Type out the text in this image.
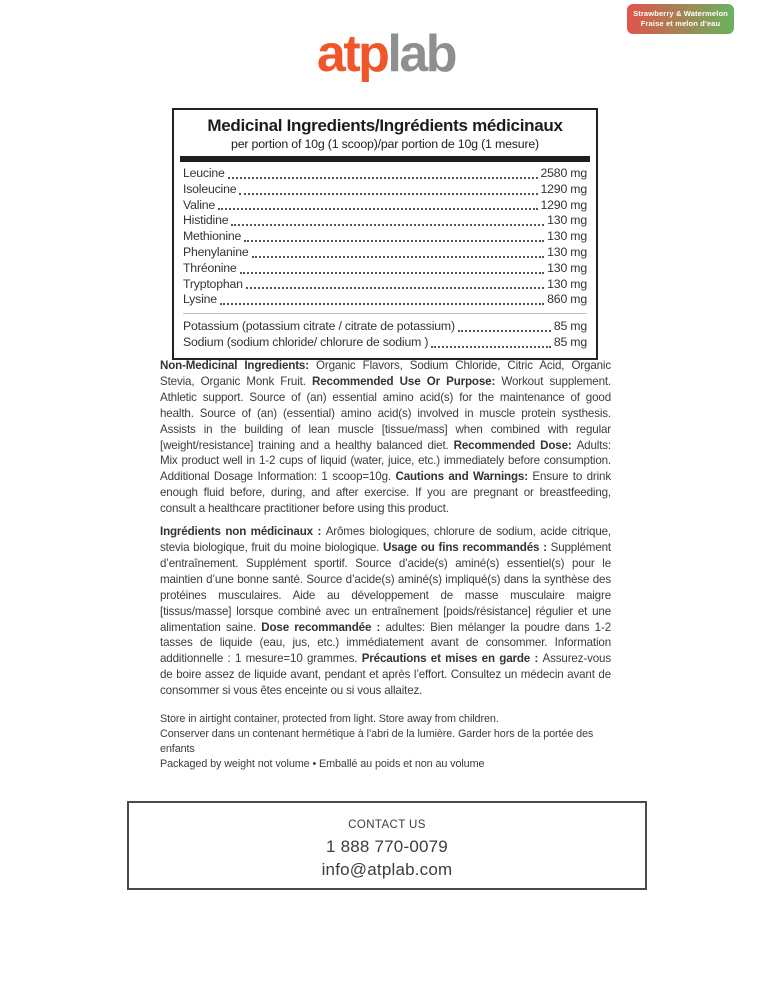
Strawberry & Watermelon
Fraise et melon d'eau
atplab
Medicinal Ingredients/Ingrédients médicinaux
per portion of 10g (1 scoop)/par portion de 10g (1 mesure)
Leucine	2580 mg
Isoleucine	1290 mg
Valine	1290 mg
Histidine	130 mg
Methionine	130 mg
Phenylanine	130 mg
Thréonine	130 mg
Tryptophan	130 mg
Lysine	860 mg
Potassium (potassium citrate / citrate de potassium)	85 mg
Sodium (sodium chloride/ chlorure de sodium )	85 mg

Non-Medicinal Ingredients: Organic Flavors, Sodium Chloride, Citric Acid, Organic Stevia, Organic Monk Fruit. Recommended Use Or Purpose: Workout supplement. Athletic support. Source of (an) essential amino acid(s) for the maintenance of good health. Source of (an) (essential) amino acid(s) involved in muscle protein systhesis. Assists in the building of lean muscle [tissue/mass] when combined with regular [weight/resistance] training and a healthy balanced diet. Recommended Dose: Adults: Mix product well in 1-2 cups of liquid (water, juice, etc.) immediately before consumption. Additional Dosage Information: 1 scoop=10g. Cautions and Warnings: Ensure to drink enough fluid before, during, and after exercise. If you are pregnant or breastfeeding, consult a healthcare practitioner before using this product.

Ingrédients non médicinaux : Arômes biologiques, chlorure de sodium, acide citrique, stevia biologique, fruit du moine biologique. Usage ou fins recommandés : Supplément d’entraînement. Supplément sportif. Source d’acide(s) aminé(s) essentiel(s) pour le maintien d’une bonne santé. Source d’acide(s) aminé(s) impliqué(s) dans la synthèse des protéines musculaires. Aide au développement de masse musculaire maigre [tissus/masse] lorsque combiné avec un entraînement [poids/résistance] régulier et une alimentation saine. Dose recommandée : adultes: Bien mélanger la poudre dans 1-2 tasses de liquide (eau, jus, etc.) immédiatement avant de consommer. Information additionnelle : 1 mesure=10 grammes. Précautions et mises en garde : Assurez-vous de boire assez de liquide avant, pendant et après l’effort. Consultez un médecin avant de consommer si vous êtes enceinte ou si vous allaitez.

Store in airtight container, protected from light. Store away from children.
Conserver dans un contenant hermétique à l’abri de la lumière. Garder hors de la portée des enfants
Packaged by weight not volume • Emballé au poids et non au volume
CONTACT US
1 888 770-0079
info@atplab.com
